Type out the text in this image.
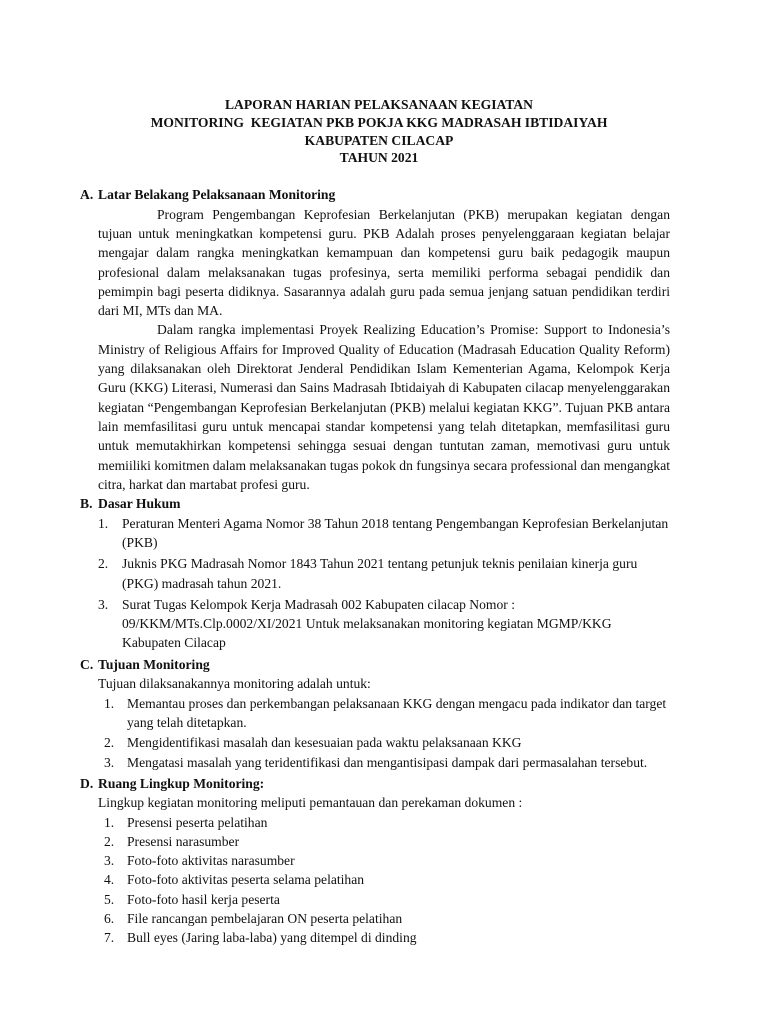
LAPORAN HARIAN PELAKSANAAN KEGIATAN
MONITORING  KEGIATAN PKB POKJA KKG MADRASAH IBTIDAIYAH
KABUPATEN CILACAP
TAHUN 2021
A. Latar Belakang Pelaksanaan Monitoring

Program Pengembangan Keprofesian Berkelanjutan (PKB) merupakan kegiatan dengan tujuan untuk meningkatkan kompetensi guru. PKB Adalah proses penyelenggaraan kegiatan belajar mengajar dalam rangka meningkatkan kemampuan dan kompetensi guru baik pedagogik maupun profesional dalam melaksanakan tugas profesinya, serta memiliki performa sebagai pendidik dan pemimpin bagi peserta didiknya. Sasarannya adalah guru pada semua jenjang satuan pendidikan terdiri dari MI, MTs dan MA.

Dalam rangka implementasi Proyek Realizing Education’s Promise: Support to Indonesia’s Ministry of Religious Affairs for Improved Quality of Education (Madrasah Education Quality Reform) yang dilaksanakan oleh Direktorat Jenderal Pendidikan Islam Kementerian Agama, Kelompok Kerja Guru (KKG) Literasi, Numerasi dan Sains Madrasah Ibtidaiyah di Kabupaten cilacap menyelenggarakan kegiatan “Pengembangan Keprofesian Berkelanjutan (PKB) melalui kegiatan KKG”. Tujuan PKB antara lain memfasilitasi guru untuk mencapai standar kompetensi yang telah ditetapkan, memfasilitasi guru untuk memutakhirkan kompetensi sehingga sesuai dengan tuntutan zaman, memotivasi guru untuk memiiliki komitmen dalam melaksanakan tugas pokok dn fungsinya secara professional dan mengangkat citra, harkat dan martabat profesi guru.

B. Dasar Hukum
1. Peraturan Menteri Agama Nomor 38 Tahun 2018 tentang Pengembangan Keprofesian Berkelanjutan (PKB)
2. Juknis PKG Madrasah Nomor 1843 Tahun 2021 tentang petunjuk teknis penilaian kinerja guru (PKG) madrasah tahun 2021.
3. Surat Tugas Kelompok Kerja Madrasah 002 Kabupaten cilacap Nomor : 09/KKM/MTs.Clp.0002/XI/2021 Untuk melaksanakan monitoring kegiatan MGMP/KKG Kabupaten Cilacap
C. Tujuan Monitoring
Tujuan dilaksanakannya monitoring adalah untuk:
1. Memantau proses dan perkembangan pelaksanaan KKG dengan mengacu pada indikator dan target yang telah ditetapkan.
2. Mengidentifikasi masalah dan kesesuaian pada waktu pelaksanaan KKG
3. Mengatasi masalah yang teridentifikasi dan mengantisipasi dampak dari permasalahan tersebut.
D. Ruang Lingkup Monitoring:
Lingkup kegiatan monitoring meliputi pemantauan dan perekaman dokumen :
1. Presensi peserta pelatihan
2. Presensi narasumber
3. Foto-foto aktivitas narasumber
4. Foto-foto aktivitas peserta selama pelatihan
5. Foto-foto hasil kerja peserta
6. File rancangan pembelajaran ON peserta pelatihan
7. Bull eyes (Jaring laba-laba) yang ditempel di dinding
